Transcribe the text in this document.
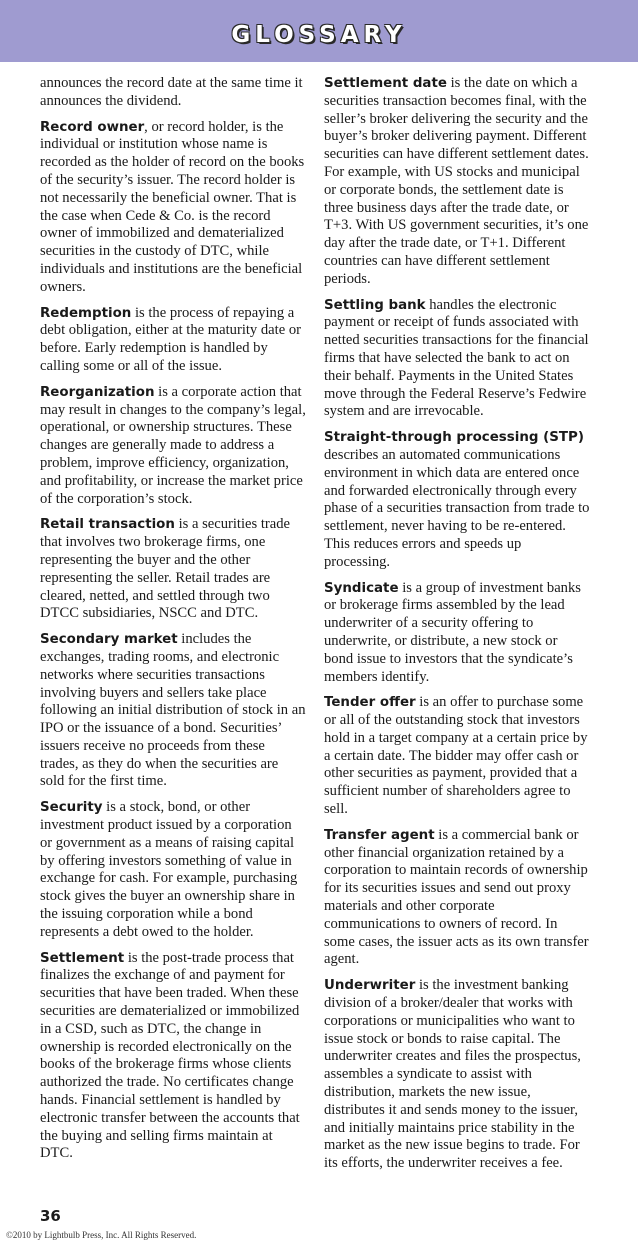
GLOSSARY

announces the record date at the same time it announces the dividend.

Record owner, or record holder, is the individual or institution whose name is recorded as the holder of record on the books of the security’s issuer. The record holder is not necessarily the beneficial owner. That is the case when Cede & Co. is the record owner of immobilized and dematerialized securities in the custody of DTC, while individuals and institutions are the beneficial owners.

Redemption is the process of repaying a debt obligation, either at the maturity date or before. Early redemption is handled by calling some or all of the issue.

Reorganization is a corporate action that may result in changes to the company’s legal, operational, or ownership structures. These changes are generally made to address a problem, improve efficiency, organization, and profitability, or increase the market price of the corporation’s stock.

Retail transaction is a securities trade that involves two brokerage firms, one representing the buyer and the other representing the seller. Retail trades are cleared, netted, and settled through two DTCC subsidiaries, NSCC and DTC.

Secondary market includes the exchanges, trading rooms, and electronic networks where securities transactions involving buyers and sellers take place following an initial distribution of stock in an IPO or the issuance of a bond. Securities’ issuers receive no proceeds from these trades, as they do when the securities are sold for the first time.

Security is a stock, bond, or other investment product issued by a corporation or government as a means of raising capital by offering investors something of value in exchange for cash. For example, purchasing stock gives the buyer an ownership share in the issuing corporation while a bond represents a debt owed to the holder.

Settlement is the post-trade process that finalizes the exchange of and payment for securities that have been traded. When these securities are dematerialized or immobilized in a CSD, such as DTC, the change in ownership is recorded electronically on the books of the brokerage firms whose clients authorized the trade. No certificates change hands. Financial settlement is handled by electronic transfer between the accounts that the buying and selling firms maintain at DTC.

Settlement date is the date on which a securities transaction becomes final, with the seller’s broker delivering the security and the buyer’s broker delivering payment. Different securities can have different settlement dates. For example, with US stocks and municipal or corporate bonds, the settlement date is three business days after the trade date, or T+3. With US government securities, it’s one day after the trade date, or T+1. Different countries can have different settlement periods.

Settling bank handles the electronic payment or receipt of funds associated with netted securities transactions for the financial firms that have selected the bank to act on their behalf. Payments in the United States move through the Federal Reserve’s Fedwire system and are irrevocable.

Straight-through processing (STP) describes an automated communications environment in which data are entered once and forwarded electronically through every phase of a securities transaction from trade to settlement, never having to be re-entered. This reduces errors and speeds up processing.

Syndicate is a group of investment banks or brokerage firms assembled by the lead underwriter of a security offering to underwrite, or distribute, a new stock or bond issue to investors that the syndicate’s members identify.

Tender offer is an offer to purchase some or all of the outstanding stock that investors hold in a target company at a certain price by a certain date. The bidder may offer cash or other securities as payment, provided that a sufficient number of shareholders agree to sell.

Transfer agent is a commercial bank or other financial organization retained by a corporation to maintain records of ownership for its securities issues and send out proxy materials and other corporate communications to owners of record. In some cases, the issuer acts as its own transfer agent.

Underwriter is the investment banking division of a broker/dealer that works with corporations or municipalities who want to issue stock or bonds to raise capital. The underwriter creates and files the prospectus, assembles a syndicate to assist with distribution, markets the new issue, distributes it and sends money to the issuer, and initially maintains price stability in the market as the new issue begins to trade. For its efforts, the underwriter receives a fee.

36
©2010 by Lightbulb Press, Inc. All Rights Reserved.
